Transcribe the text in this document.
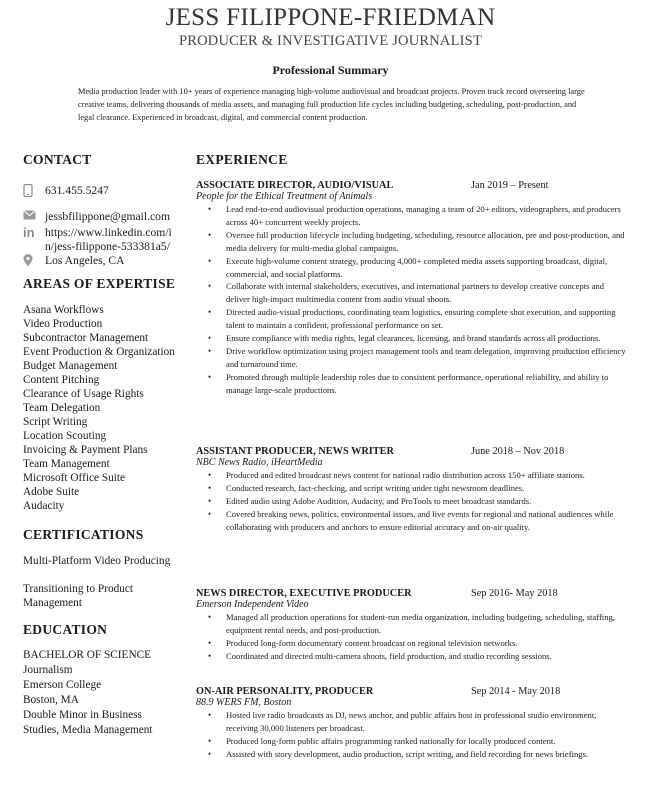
JESS FILIPPONE-FRIEDMAN
PRODUCER & INVESTIGATIVE JOURNALIST
Professional Summary
Media production leader with 10+ years of experience managing high-volume audiovisual and broadcast projects. Proven track record overseeing large creative teams, delivering thousands of media assets, and managing full production life cycles including budgeting, scheduling, post-production, and legal clearance. Experienced in broadcast, digital, and commercial content production.
CONTACT
631.455.5247
jessbfilippone@gmail.com
in https://www.linkedin.com/i
n/jess-filippone-533381a5/
Los Angeles, CA
AREAS OF EXPERTISE
Asana Workflows
Video Production
Subcontractor Management
Event Production & Organization
Budget Management
Content Pitching
Clearance of Usage Rights
Team Delegation
Script Writing
Location Scouting
Invoicing & Payment Plans
Team Management
Microsoft Office Suite
Adobe Suite
Audacity
CERTIFICATIONS
Multi-Platform Video Producing
Transitioning to Product
Management
EDUCATION
BACHELOR OF SCIENCE
Journalism
Emerson College
Boston, MA
Double Minor in Business
Studies, Media Management
EXPERIENCE
ASSOCIATE DIRECTOR, AUDIO/VISUAL	Jan 2019 – Present
People for the Ethical Treatment of Animals
• Lead end-to-end audiovisual production operations, managing a team of 20+ editors, videographers, and producers across 40+ concurrent weekly projects.
• Oversee full production lifecycle including budgeting, scheduling, resource allocation, pre and post-production, and media delivery for multi-media global campaigns.
• Execute high-volume content strategy, producing 4,000+ completed media assets supporting broadcast, digital, commercial, and social platforms.
• Collaborate with internal stakeholders, executives, and international partners to develop creative concepts and deliver high-impact multimedia content from audio visual shoots.
• Directed audio-visual productions, coordinating team logistics, ensuring complete shot execution, and supporting talent to maintain a confident, professional performance on set.
• Ensure compliance with media rights, legal clearances, licensing, and brand standards across all productions.
• Drive workflow optimization using project management tools and team delegation, improving production efficiency and turnaround time.
• Promoted through multiple leadership roles due to consistent performance, operational reliability, and ability to manage large-scale productions.
ASSISTANT PRODUCER, NEWS WRITER	June 2018 – Nov 2018
NBC News Radio, iHeartMedia
• Produced and edited broadcast news content for national radio distribution across 150+ affiliate stations.
• Conducted research, fact-checking, and script writing under tight newsroom deadlines.
• Edited audio using Adobe Audition, Audacity, and ProTools to meet broadcast standards.
• Covered breaking news, politics, environmental issues, and live events for regional and national audiences while collaborating with producers and anchors to ensure editorial accuracy and on-air quality.
NEWS DIRECTOR, EXECUTIVE PRODUCER	Sep 2016- May 2018
Emerson Independent Video
• Managed all production operations for student-run media organization, including budgeting, scheduling, staffing, equipment rental needs, and post-production.
• Produced long-form documentary content broadcast on regional television networks.
• Coordinated and directed multi-camera shoots, field production, and studio recording sessions.
ON-AIR PERSONALITY, PRODUCER	Sep 2014 - May 2018
88.9 WERS FM, Boston
• Hosted live radio broadcasts as DJ, news anchor, and public affairs host in professional studio environment, receiving 30,000 listeners per broadcast.
• Produced long-form public affairs programming ranked nationally for locally produced content.
• Assisted with story development, audio production, script writing, and field recording for news briefings.
